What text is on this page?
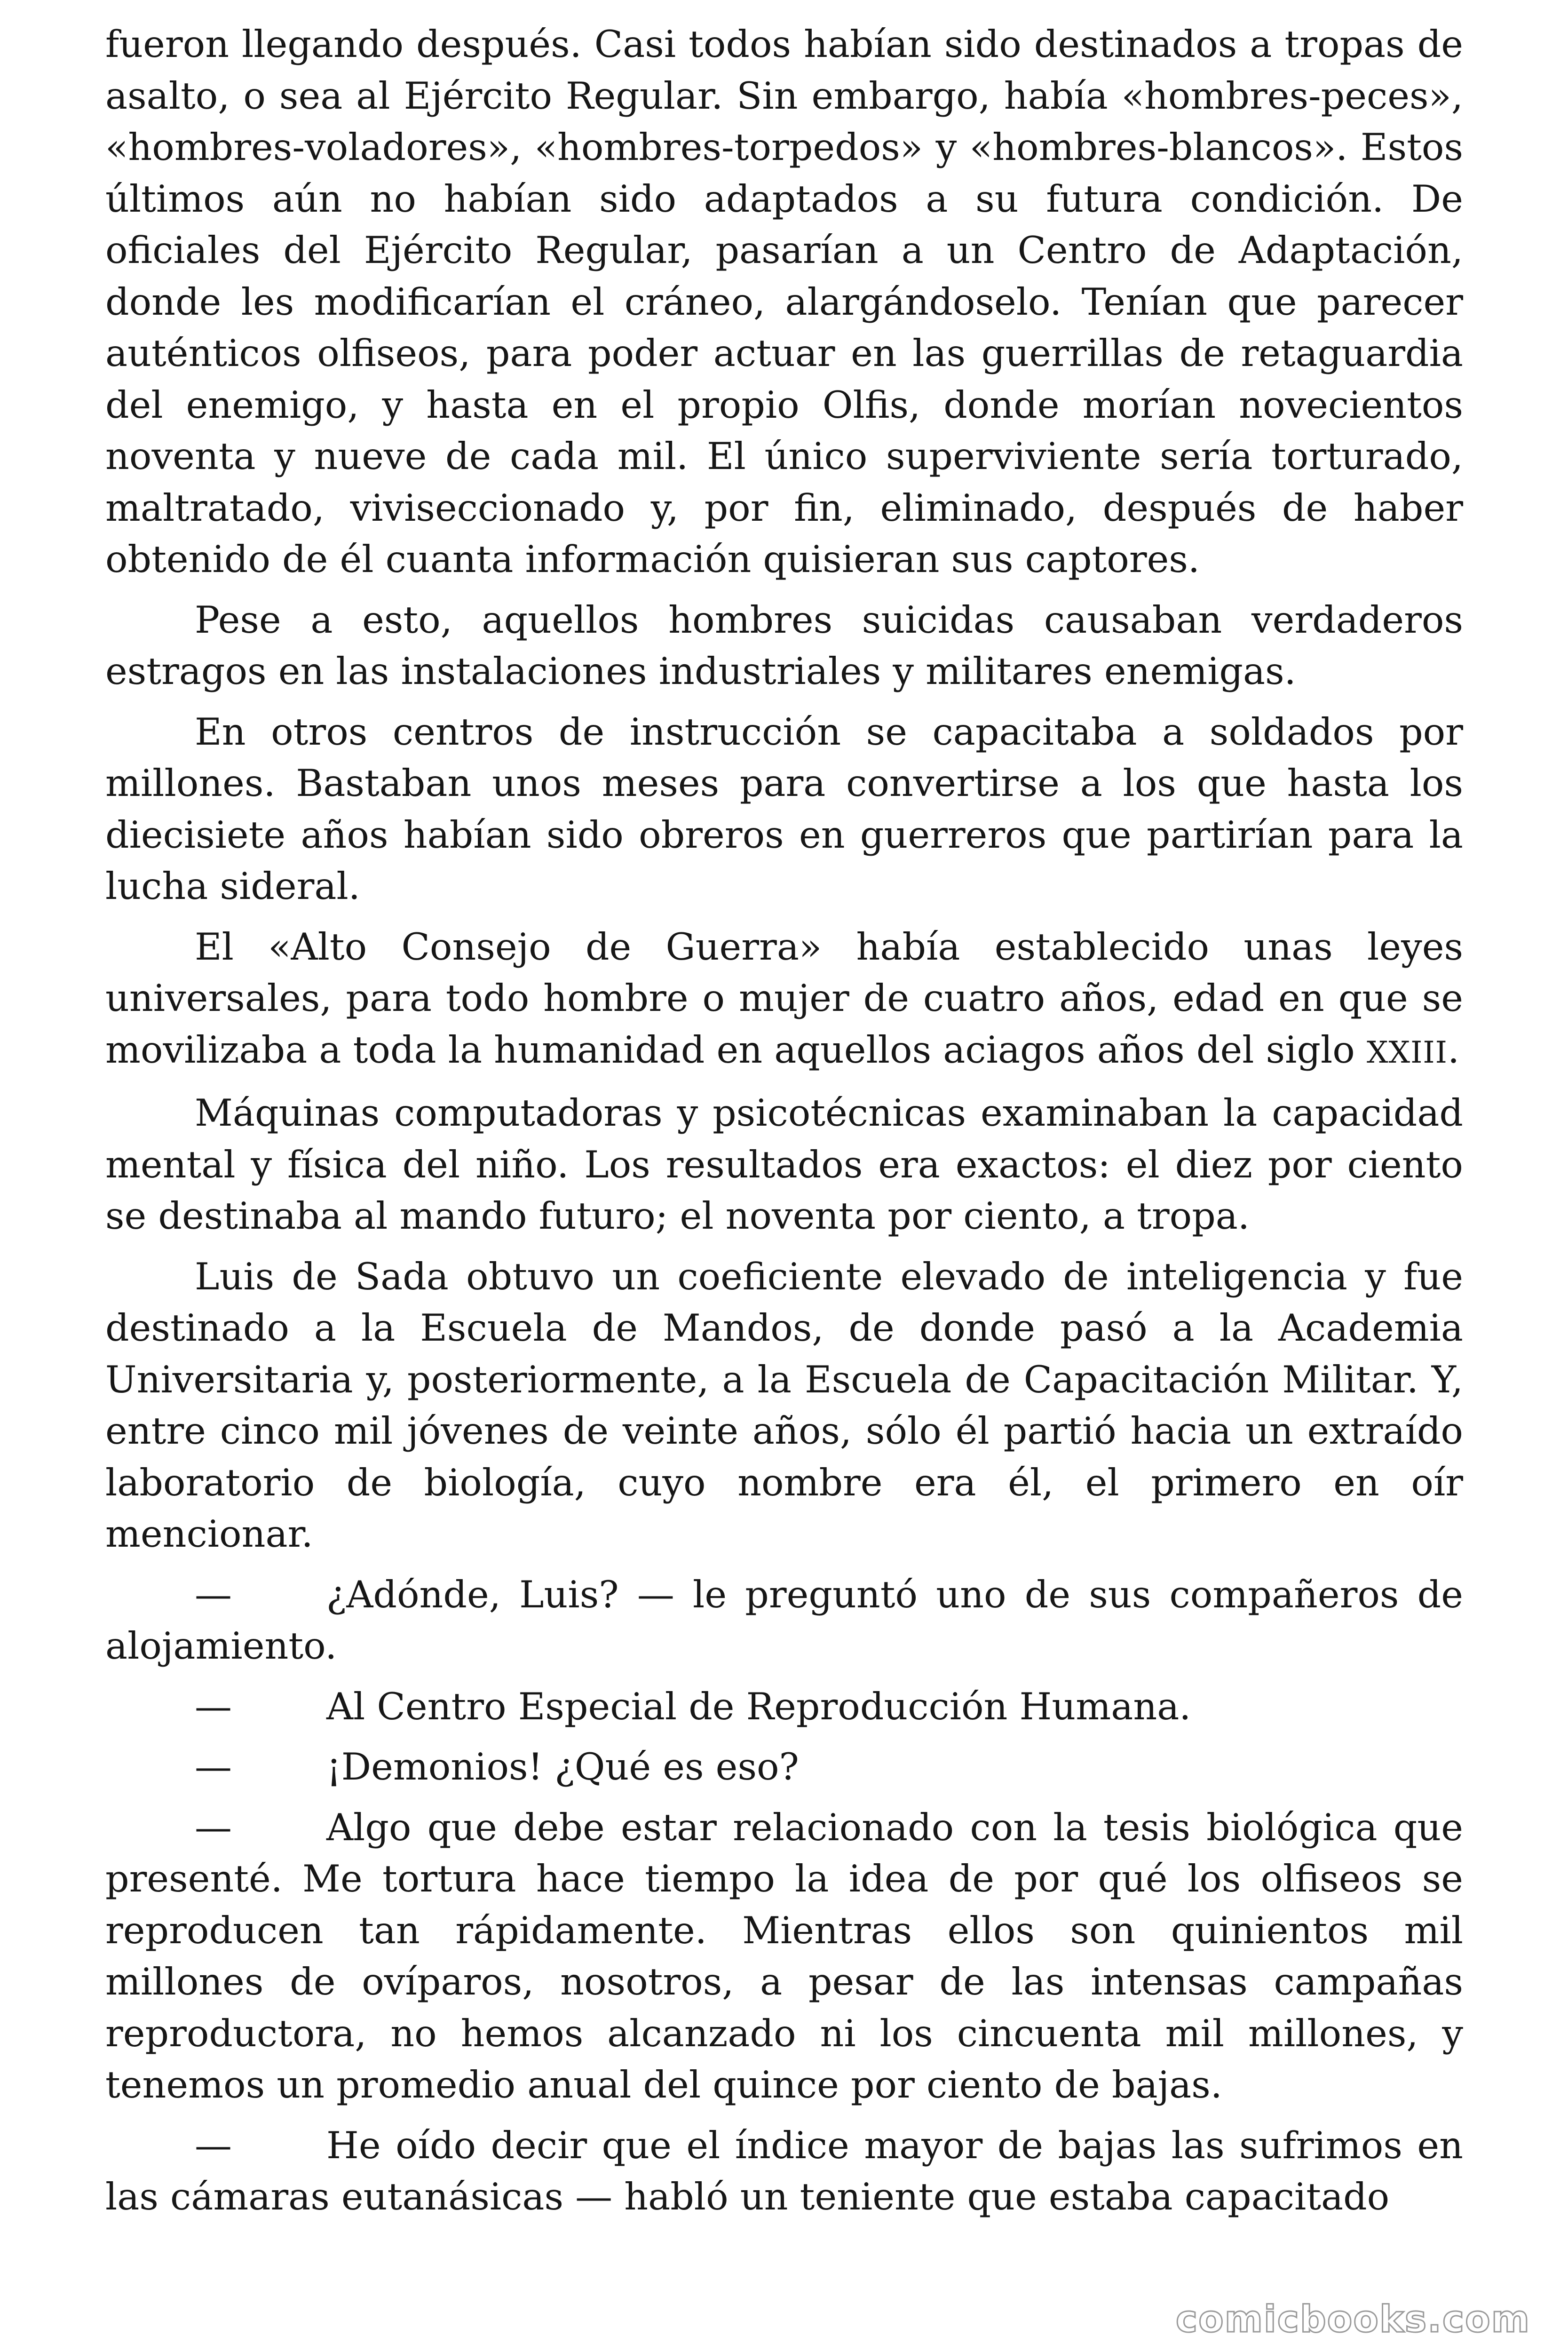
fueron llegando después. Casi todos habían sido destinados a tropas de asalto, o sea al Ejército Regular. Sin embargo, había «hombres-peces», «hombres-voladores», «hombres-torpedos» y «hombres-blancos». Estos últimos aún no habían sido adaptados a su futura condición. De oficiales del Ejército Regular, pasarían a un Centro de Adaptación, donde les modificarían el cráneo, alargándoselo. Tenían que parecer auténticos olfiseos, para poder actuar en las guerrillas de retaguardia del enemigo, y hasta en el propio Olfis, donde morían novecientos noventa y nueve de cada mil. El único superviviente sería torturado, maltratado, viviseccionado y, por fin, eliminado, después de haber obtenido de él cuanta información quisieran sus captores.

Pese a esto, aquellos hombres suicidas causaban verdaderos estragos en las instalaciones industriales y militares enemigas.

En otros centros de instrucción se capacitaba a soldados por millones. Bastaban unos meses para convertirse a los que hasta los diecisiete años habían sido obreros en guerreros que partirían para la lucha sideral.

El «Alto Consejo de Guerra» había establecido unas leyes universales, para todo hombre o mujer de cuatro años, edad en que se movilizaba a toda la humanidad en aquellos aciagos años del siglo XXIII.

Máquinas computadoras y psicotécnicas examinaban la capacidad mental y física del niño. Los resultados era exactos: el diez por ciento se destinaba al mando futuro; el noventa por ciento, a tropa.

Luis de Sada obtuvo un coeficiente elevado de inteligencia y fue destinado a la Escuela de Mandos, de donde pasó a la Academia Universitaria y, posteriormente, a la Escuela de Capacitación Militar. Y, entre cinco mil jóvenes de veinte años, sólo él partió hacia un extraído laboratorio de biología, cuyo nombre era él, el primero en oír mencionar.

—	¿Adónde, Luis? — le preguntó uno de sus compañeros de alojamiento.

—	Al Centro Especial de Reproducción Humana.

—	¡Demonios! ¿Qué es eso?

—	Algo que debe estar relacionado con la tesis biológica que presenté. Me tortura hace tiempo la idea de por qué los olfiseos se reproducen tan rápidamente. Mientras ellos son quinientos mil millones de ovíparos, nosotros, a pesar de las intensas campañas reproductora, no hemos alcanzado ni los cincuenta mil millones, y tenemos un promedio anual del quince por ciento de bajas.

—	He oído decir que el índice mayor de bajas las sufrimos en las cámaras eutanásicas — habló un teniente que estaba capacitado

comicbooks.com
